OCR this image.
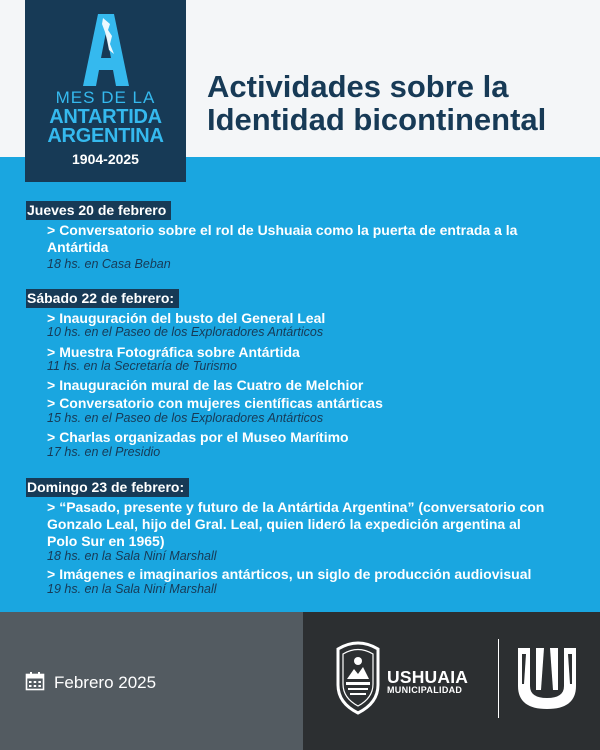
Actividades sobre la
Identidad bicontinental
MES DE LA
ANTARTIDA
ARGENTINA
1904-2025
Jueves 20 de febrero
> Conversatorio sobre el rol de Ushuaia como la puerta de entrada a la
Antártida
18 hs. en Casa Beban
Sábado 22 de febrero:
> Inauguración del busto del General Leal
10 hs. en el Paseo de los Exploradores Antárticos
> Muestra Fotográfica sobre Antártida
11 hs. en la Secretaría de Turismo
> Inauguración mural de las Cuatro de Melchior
> Conversatorio con mujeres científicas antárticas
15 hs. en el Paseo de los Exploradores Antárticos
> Charlas organizadas por el Museo Marítimo
17 hs. en el Presidio
Domingo 23 de febrero:
> “Pasado, presente y futuro de la Antártida Argentina” (conversatorio con
Gonzalo Leal, hijo del Gral. Leal, quien lideró la expedición argentina al
Polo Sur en 1965)
18 hs. en la Sala Niní Marshall
> Imágenes e imaginarios antárticos, un siglo de producción audiovisual
19 hs. en la Sala Niní Marshall
Febrero 2025	USHUAIA
MUNICIPALIDAD
